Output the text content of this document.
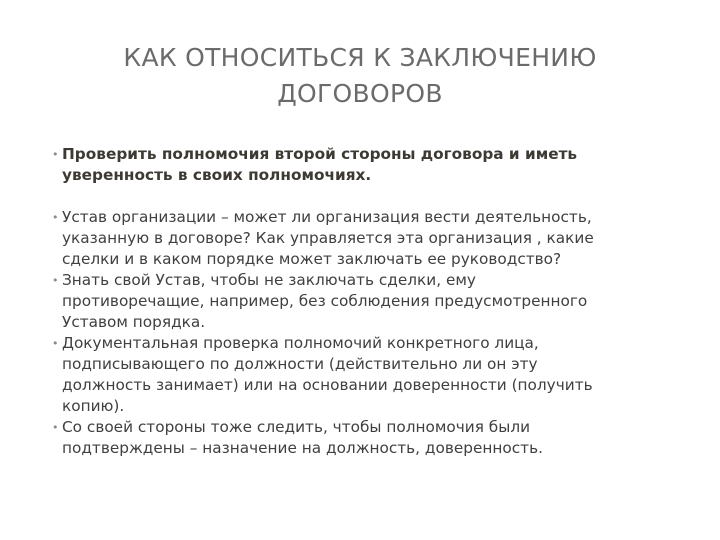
КАК ОТНОСИТЬСЯ К ЗАКЛЮЧЕНИЮ
ДОГОВОРОВ
• Проверить полномочия второй стороны договора и иметь
уверенность в своих полномочиях.
• Устав организации – может ли организация вести деятельность,
указанную в договоре? Как управляется эта организация , какие
сделки и в каком порядке может заключать ее руководство?
• Знать свой Устав, чтобы не заключать сделки, ему
противоречащие, например, без соблюдения предусмотренного
Уставом порядка.
• Документальная проверка полномочий конкретного лица,
подписывающего по должности (действительно ли он эту
должность занимает) или на основании доверенности (получить
копию).
• Со своей стороны тоже следить, чтобы полномочия были
подтверждены – назначение на должность, доверенность.
